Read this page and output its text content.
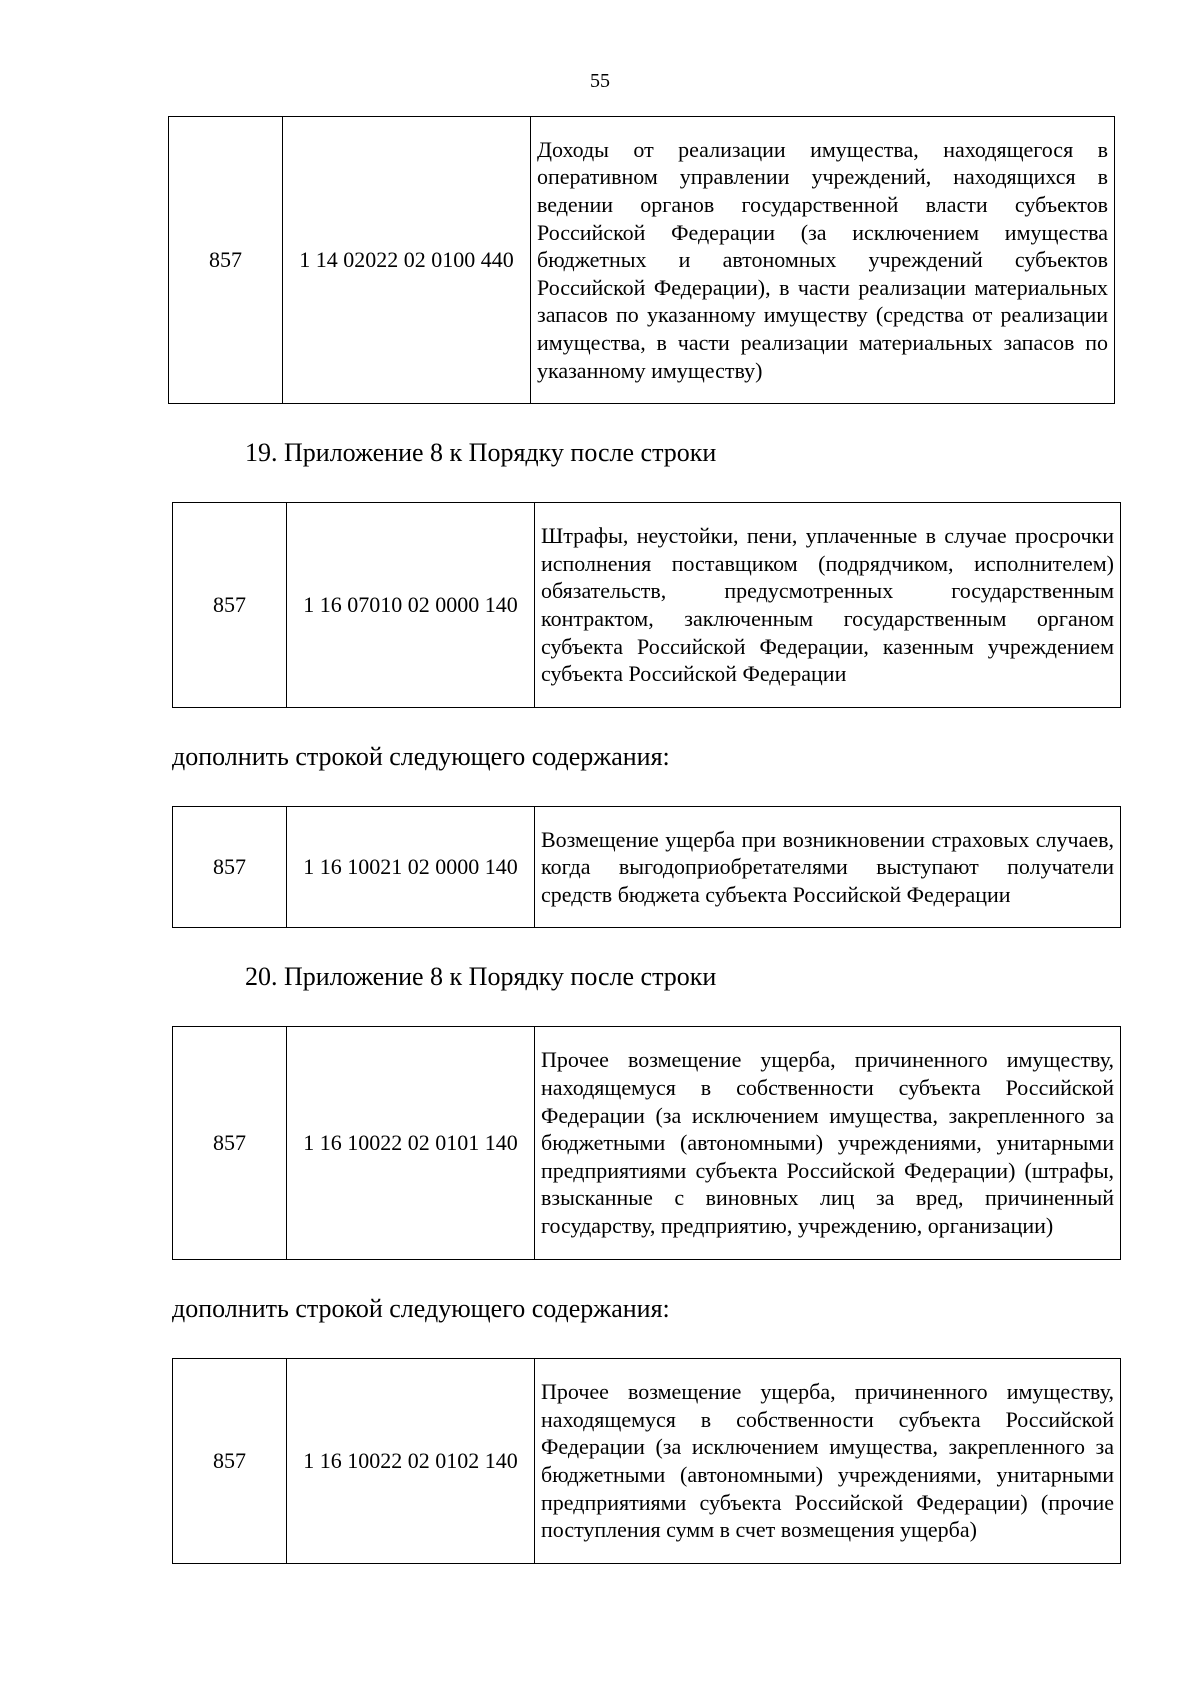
55
857	1 14 02022 02 0100 440	Доходы от реализации имущества, находящегося в оперативном управлении учреждений, находящихся в ведении органов государственной власти субъектов Российской Федерации (за исключением имущества бюджетных и автономных учреждений субъектов Российской Федерации), в части реализации материальных запасов по указанному имуществу (средства от реализации имущества, в части реализации материальных запасов по указанному имуществу)
19. Приложение 8 к Порядку после строки
857	1 16 07010 02 0000 140	Штрафы, неустойки, пени, уплаченные в случае просрочки исполнения поставщиком (подрядчиком, исполнителем) обязательств, предусмотренных государственным контрактом, заключенным государственным органом субъекта Российской Федерации, казенным учреждением субъекта Российской Федерации
дополнить строкой следующего содержания:
857	1 16 10021 02 0000 140	Возмещение ущерба при возникновении страховых случаев, когда выгодоприобретателями выступают получатели средств бюджета субъекта Российской Федерации
20. Приложение 8 к Порядку после строки
857	1 16 10022 02 0101 140	Прочее возмещение ущерба, причиненного имуществу, находящемуся в собственности субъекта Российской Федерации (за исключением имущества, закрепленного за бюджетными (автономными) учреждениями, унитарными предприятиями субъекта Российской Федерации) (штрафы, взысканные с виновных лиц за вред, причиненный государству, предприятию, учреждению, организации)
дополнить строкой следующего содержания:
857	1 16 10022 02 0102 140	Прочее возмещение ущерба, причиненного имуществу, находящемуся в собственности субъекта Российской Федерации (за исключением имущества, закрепленного за бюджетными (автономными) учреждениями, унитарными предприятиями субъекта Российской Федерации) (прочие поступления сумм в счет возмещения ущерба)
